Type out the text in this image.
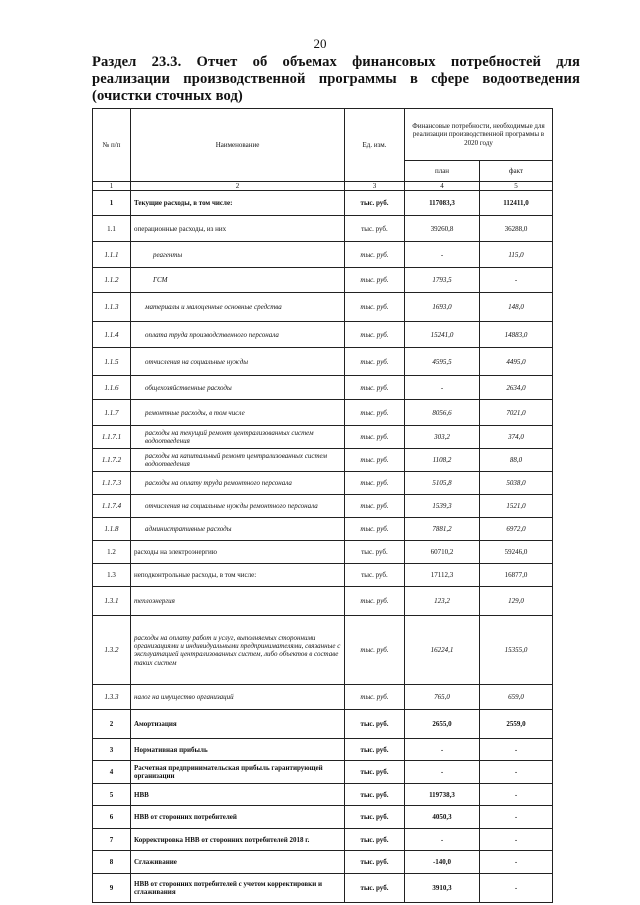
20
Раздел 23.3. Отчет об объемах финансовых потребностей для реализации производственной программы в сфере водоотведения (очистки сточных вод)
№ п/п	Наименование	Ед. изм.	Финансовые потребности, необходимые для реализации производственной программы в 2020 году	
			план	факт
1	2	3	4	5
1	Текущие расходы, в том числе:	тыс. руб.	117083,3	112411,0
1.1	операционные расходы, из них	тыс. руб.	39260,8	36288,0
1.1.1	реагенты	тыс. руб.	-	115,0
1.1.2	ГСМ	тыс. руб.	1793,5	-
1.1.3	материалы и малоценные основные средства	тыс. руб.	1693,0	148,0
1.1.4	оплата труда производственного персонала	тыс. руб.	15241,0	14883,0
1.1.5	отчисления на социальные нужды	тыс. руб.	4595,5	4495,0
1.1.6	общехозяйственные расходы	тыс. руб.	-	2634,0
1.1.7	ремонтные расходы, в том числе	тыс. руб.	8056,6	7021,0
1.1.7.1	расходы на текущий ремонт централизованных систем водоотведения	тыс. руб.	303,2	374,0
1.1.7.2	расходы на капитальный ремонт централизованных систем водоотведения	тыс. руб.	1108,2	88,0
1.1.7.3	расходы на оплату труда ремонтного персонала	тыс. руб.	5105,8	5038,0
1.1.7.4	отчисления на социальные нужды ремонтного персонала	тыс. руб.	1539,3	1521,0
1.1.8	административные расходы	тыс. руб.	7881,2	6972,0
1.2	расходы на электроэнергию	тыс. руб.	60710,2	59246,0
1.3	неподконтрольные расходы, в том числе:	тыс. руб.	17112,3	16877,0
1.3.1	теплоэнергия	тыс. руб.	123,2	129,0
1.3.2	расходы на оплату работ и услуг, выполняемых сторонними организациями и индивидуальными предпринимателями, связанные с эксплуатацией централизованных систем, либо объектов в составе таких систем	тыс. руб.	16224,1	15355,0
1.3.3	налог на имущество организаций	тыс. руб.	765,0	659,0
2	Амортизация	тыс. руб.	2655,0	2559,0
3	Нормативная прибыль	тыс. руб.	-	-
4	Расчетная предпринимательская прибыль гарантирующей организации	тыс. руб.	-	-
5	НВВ	тыс. руб.	119738,3	-
6	НВВ от сторонних потребителей	тыс. руб.	4050,3	-
7	Корректировка НВВ от сторонних потребителей 2018 г.	тыс. руб.	-	-
8	Сглаживание	тыс. руб.	-140,0	-
9	НВВ от сторонних потребителей с учетом корректировки и сглаживания	тыс. руб.	3910,3	-
